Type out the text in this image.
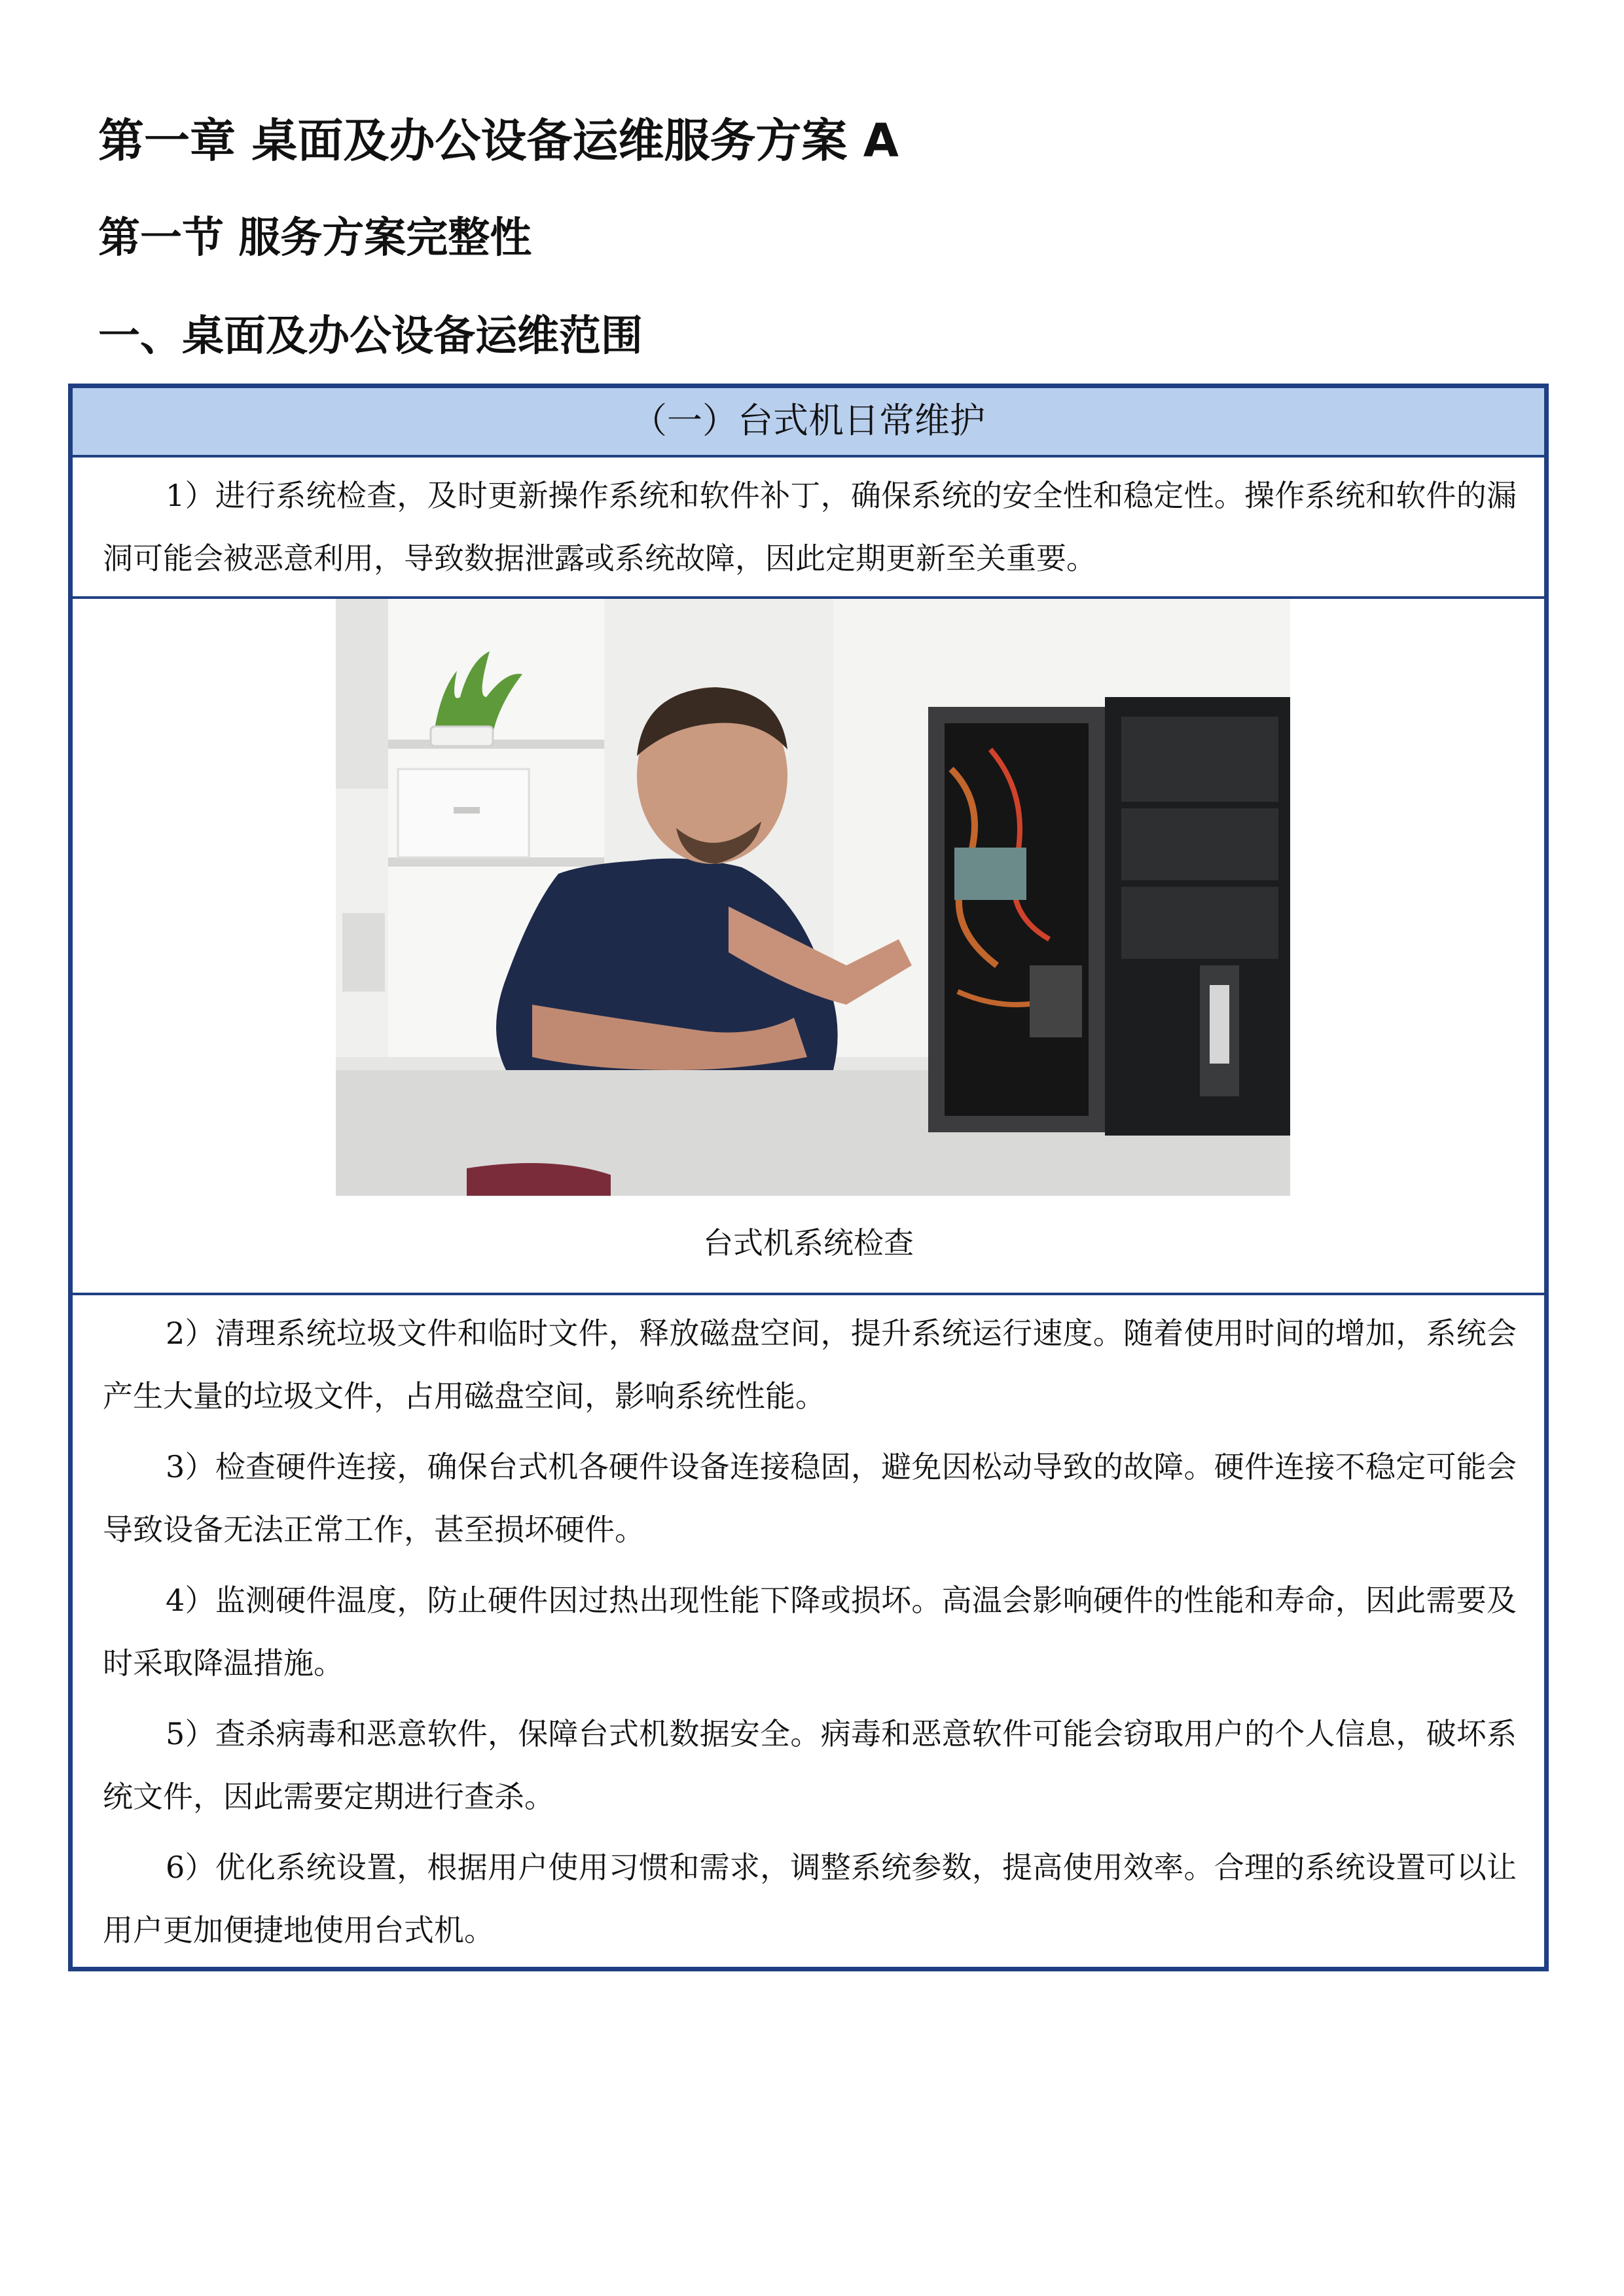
第一章 桌面及办公设备运维服务方案 A
第一节 服务方案完整性
一、桌面及办公设备运维范围
（一）台式机日常维护
1）进行系统检查，及时更新操作系统和软件补丁，确保系统的安全性和稳定性。操作系统和软件的漏洞可能会被恶意利用，导致数据泄露或系统故障，因此定期更新至关重要。
台式机系统检查
2）清理系统垃圾文件和临时文件，释放磁盘空间，提升系统运行速度。随着使用时间的增加，系统会产生大量的垃圾文件，占用磁盘空间，影响系统性能。
3）检查硬件连接，确保台式机各硬件设备连接稳固，避免因松动导致的故障。硬件连接不稳定可能会导致设备无法正常工作，甚至损坏硬件。
4）监测硬件温度，防止硬件因过热出现性能下降或损坏。高温会影响硬件的性能和寿命，因此需要及时采取降温措施。
5）查杀病毒和恶意软件，保障台式机数据安全。病毒和恶意软件可能会窃取用户的个人信息，破坏系统文件，因此需要定期进行查杀。
6）优化系统设置，根据用户使用习惯和需求，调整系统参数，提高使用效率。合理的系统设置可以让用户更加便捷地使用台式机。
